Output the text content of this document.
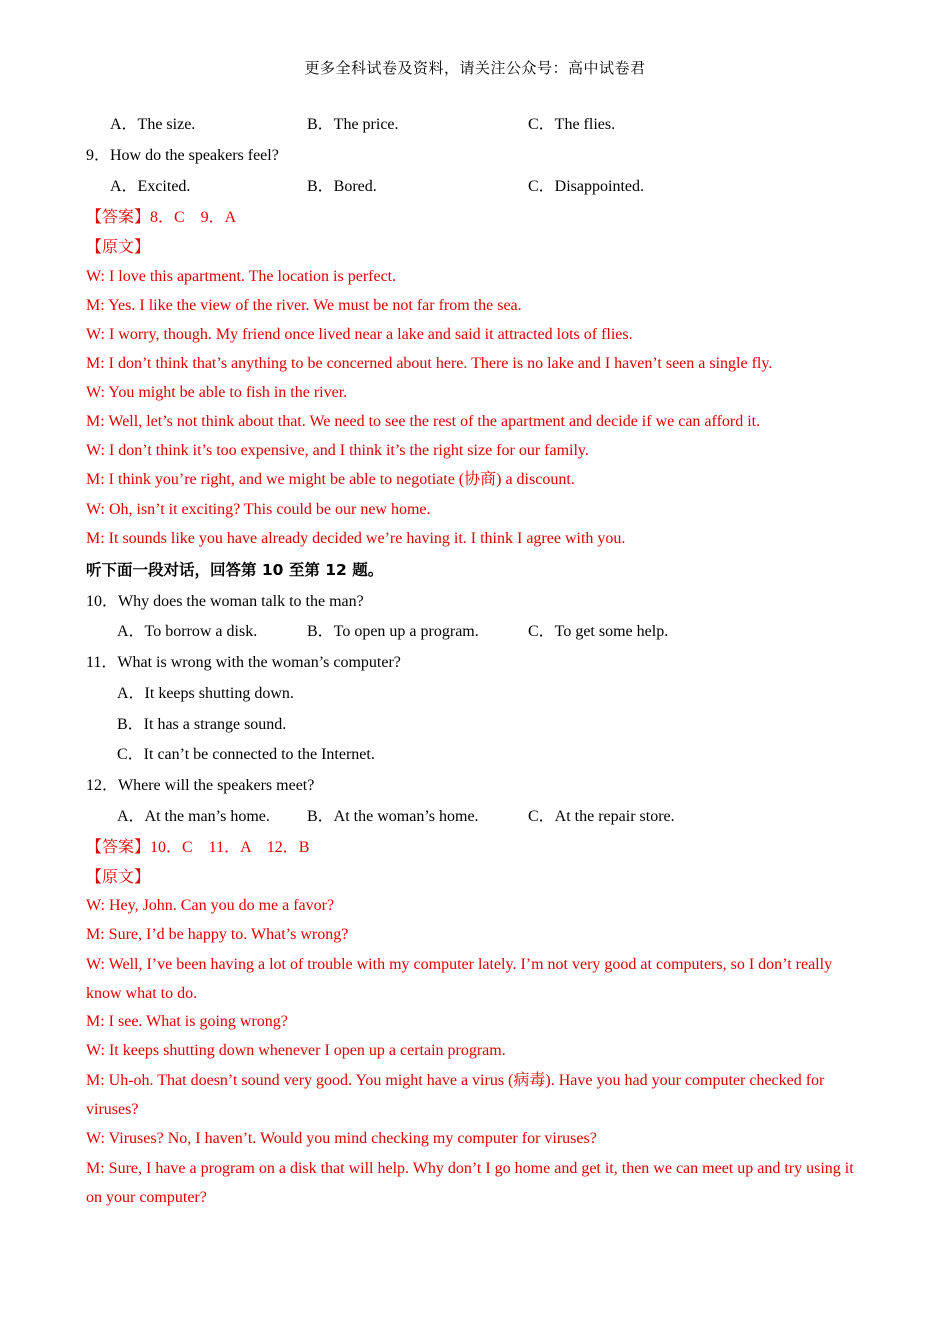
更多全科试卷及资料，请关注公众号：高中试卷君
A．The size.	B．The price.	C．The flies.
9．How do the speakers feel?
A．Excited.	B．Bored.	C．Disappointed.
【答案】8．C　9．A
【原文】
W: I love this apartment. The location is perfect.
M: Yes. I like the view of the river. We must be not far from the sea.
W: I worry, though. My friend once lived near a lake and said it attracted lots of flies.
M: I don’t think that’s anything to be concerned about here. There is no lake and I haven’t seen a single fly.
W: You might be able to fish in the river.
M: Well, let’s not think about that. We need to see the rest of the apartment and decide if we can afford it.
W: I don’t think it’s too expensive, and I think it’s the right size for our family.
M: I think you’re right, and we might be able to negotiate (协商) a discount.
W: Oh, isn’t it exciting? This could be our new home.
M: It sounds like you have already decided we’re having it. I think I agree with you.
听下面一段对话，回答第 10 至第 12 题。
10．Why does the woman talk to the man?
A．To borrow a disk.	B．To open up a program.	C．To get some help.
11．What is wrong with the woman’s computer?
A．It keeps shutting down.
B．It has a strange sound.
C．It can’t be connected to the Internet.
12．Where will the speakers meet?
A．At the man’s home. B．At the woman’s home.	C．At the repair store.
【答案】10．C　11．A　12．B
【原文】
W: Hey, John. Can you do me a favor?
M: Sure, I’d be happy to. What’s wrong?
W: Well, I’ve been having a lot of trouble with my computer lately. I’m not very good at computers, so I don’t really know what to do.
M: I see. What is going wrong?
W: It keeps shutting down whenever I open up a certain program.
M: Uh-oh. That doesn’t sound very good. You might have a virus (病毒). Have you had your computer checked for viruses?
W: Viruses? No, I haven’t. Would you mind checking my computer for viruses?
M: Sure, I have a program on a disk that will help. Why don’t I go home and get it, then we can meet up and try using it on your computer?
